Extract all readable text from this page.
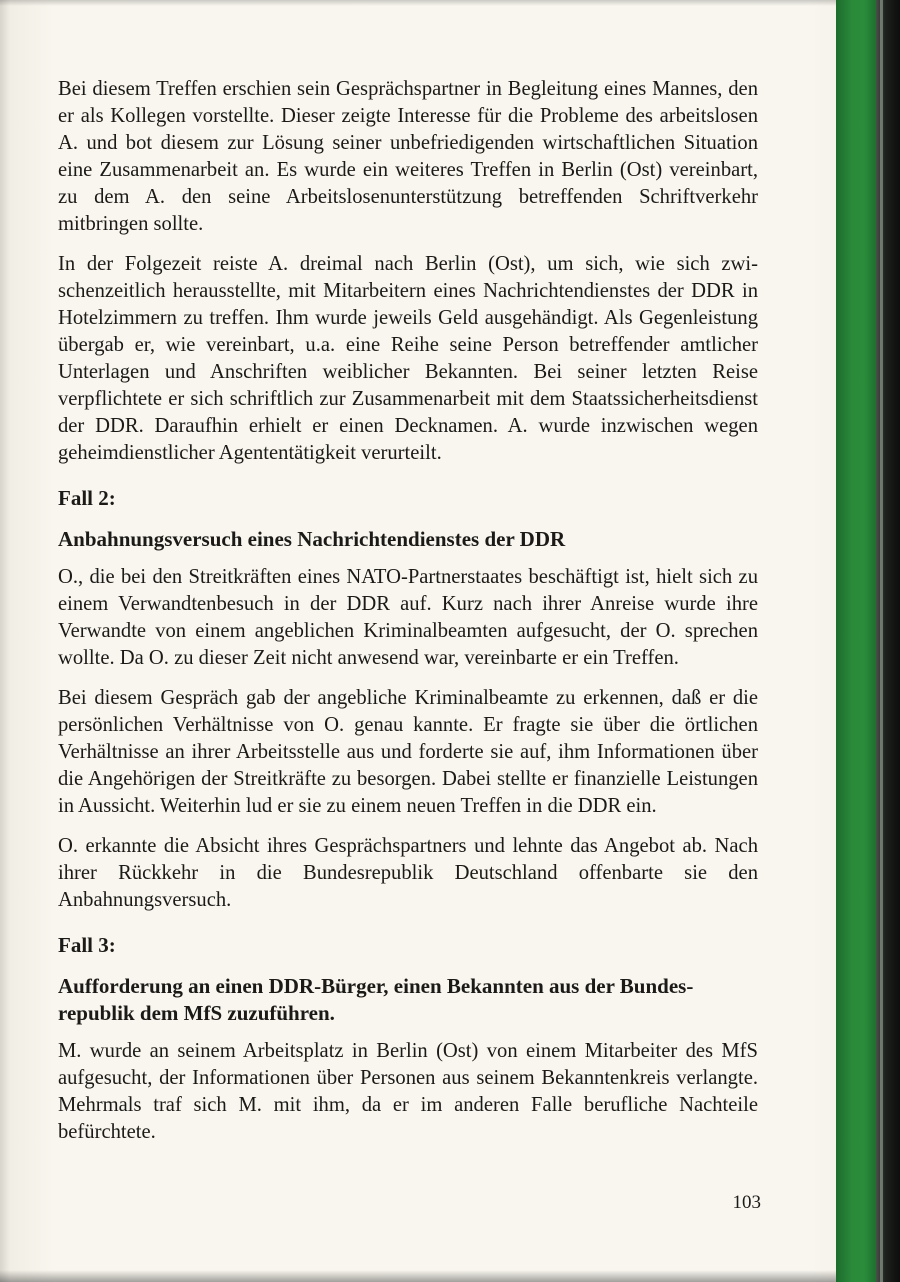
Bei diesem Treffen erschien sein Gesprächspartner in Begleitung eines Mannes, den er als Kollegen vorstellte. Dieser zeigte Interesse für die Probleme des arbeitslosen A. und bot diesem zur Lösung seiner unbefriedigenden wirtschaftlichen Situation eine Zusammenarbeit an. Es wurde ein weiteres Treffen in Berlin (Ost) vereinbart, zu dem A. den seine Arbeitslosenunterstützung betreffenden Schriftverkehr mitbringen sollte.

In der Folgezeit reiste A. dreimal nach Berlin (Ost), um sich, wie sich zwischenzeitlich herausstellte, mit Mitarbeitern eines Nachrichtendienstes der DDR in Hotelzimmern zu treffen. Ihm wurde jeweils Geld ausgehändigt. Als Gegenleistung übergab er, wie vereinbart, u.a. eine Reihe seine Person betreffender amtlicher Unterlagen und Anschriften weiblicher Bekannten. Bei seiner letzten Reise verpflichtete er sich schriftlich zur Zusammenarbeit mit dem Staatssicherheitsdienst der DDR. Daraufhin erhielt er einen Decknamen. A. wurde inzwischen wegen geheimdienstlicher Agententätigkeit verurteilt.

Fall 2:
Anbahnungsversuch eines Nachrichtendienstes der DDR

O., die bei den Streitkräften eines NATO-Partnerstaates beschäftigt ist, hielt sich zu einem Verwandtenbesuch in der DDR auf. Kurz nach ihrer Anreise wurde ihre Verwandte von einem angeblichen Kriminalbeamten aufgesucht, der O. sprechen wollte. Da O. zu dieser Zeit nicht anwesend war, vereinbarte er ein Treffen.

Bei diesem Gespräch gab der angebliche Kriminalbeamte zu erkennen, daß er die persönlichen Verhältnisse von O. genau kannte. Er fragte sie über die örtlichen Verhältnisse an ihrer Arbeitsstelle aus und forderte sie auf, ihm Informationen über die Angehörigen der Streitkräfte zu besorgen. Dabei stellte er finanzielle Leistungen in Aussicht. Weiterhin lud er sie zu einem neuen Treffen in die DDR ein.

O. erkannte die Absicht ihres Gesprächspartners und lehnte das Angebot ab. Nach ihrer Rückkehr in die Bundesrepublik Deutschland offenbarte sie den Anbahnungsversuch.

Fall 3:
Aufforderung an einen DDR-Bürger, einen Bekannten aus der Bundesrepublik dem MfS zuzuführen.

M. wurde an seinem Arbeitsplatz in Berlin (Ost) von einem Mitarbeiter des MfS aufgesucht, der Informationen über Personen aus seinem Bekanntenkreis verlangte. Mehrmals traf sich M. mit ihm, da er im anderen Falle berufliche Nachteile befürchtete.

103
